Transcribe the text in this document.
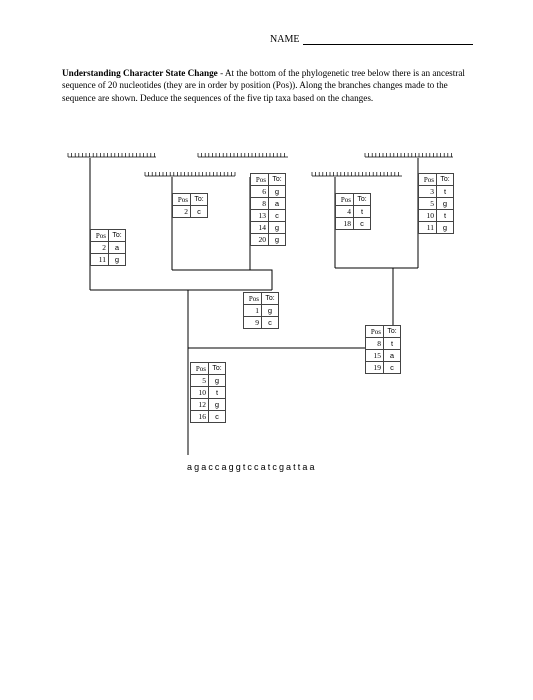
NAME
Understanding Character State Change - At the bottom of the phylogenetic tree below there is an ancestral sequence of 20 nucleotides (they are in order by position (Pos)). Along the branches changes made to the sequence are shown. Deduce the sequences of the five tip taxa based on the changes.
Pos	To:
2	a
11	g
Pos	To:
2	c
Pos	To:
6	g
8	a
13	c
14	g
20	g
Pos	To:
1	g
9	c
Pos	To:
4	t
18	c
Pos	To:
3	t
5	g
10	t
11	g
Pos	To:
8	t
15	a
19	c
Pos	To:
5	g
10	t
12	g
16	c
agaccaggtccatcgattaa
